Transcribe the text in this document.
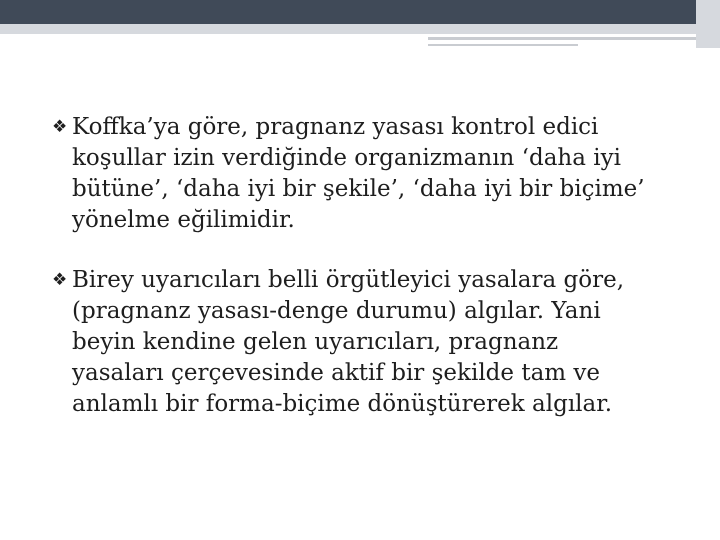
❖ Koffka’ya göre, pragnanz yasası kontrol edici
koşullar izin verdiğinde organizmanın ‘daha iyi
bütüne’, ‘daha iyi bir şekile’, ‘daha iyi bir biçime’
yönelme eğilimidir.
❖ Birey uyarıcıları belli örgütleyici yasalara göre,
(pragnanz yasası-denge durumu) algılar. Yani
beyin kendine gelen uyarıcıları, pragnanz
yasaları çerçevesinde aktif bir şekilde tam ve
anlamlı bir forma-biçime dönüştürerek algılar.
